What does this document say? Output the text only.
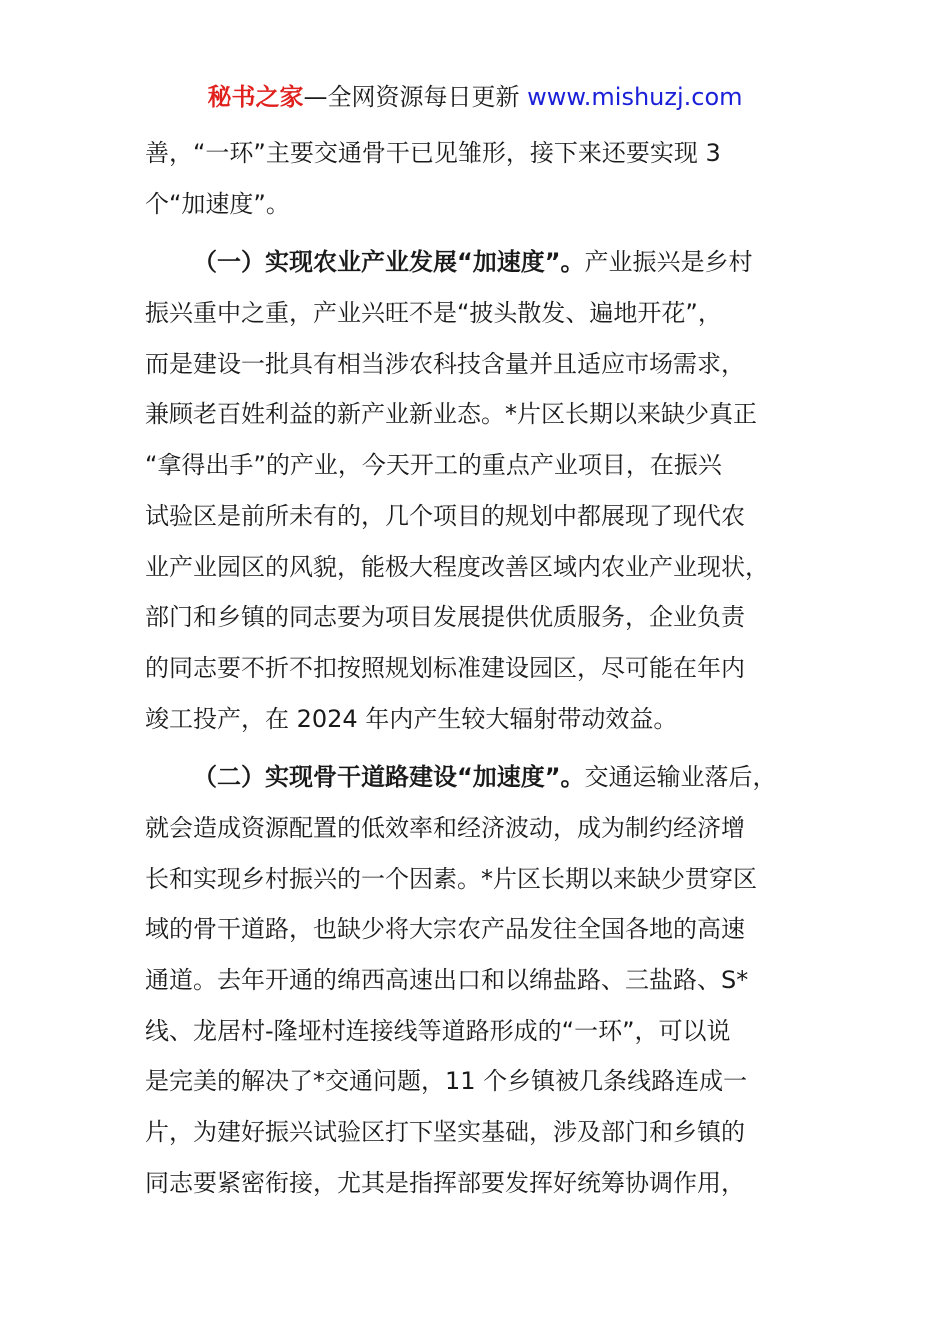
秘书之家—全网资源每日更新 www.mishuzj.com
善，“一环”主要交通骨干已见雏形，接下来还要实现 3
个“加速度”。
（一）实现农业产业发展“加速度”。产业振兴是乡村
振兴重中之重，产业兴旺不是“披头散发、遍地开花”，
而是建设一批具有相当涉农科技含量并且适应市场需求，
兼顾老百姓利益的新产业新业态。*片区长期以来缺少真正
“拿得出手”的产业，今天开工的重点产业项目，在振兴
试验区是前所未有的，几个项目的规划中都展现了现代农
业产业园区的风貌，能极大程度改善区域内农业产业现状，
部门和乡镇的同志要为项目发展提供优质服务，企业负责
的同志要不折不扣按照规划标准建设园区，尽可能在年内
竣工投产，在 2024 年内产生较大辐射带动效益。
（二）实现骨干道路建设“加速度”。交通运输业落后，
就会造成资源配置的低效率和经济波动，成为制约经济增
长和实现乡村振兴的一个因素。*片区长期以来缺少贯穿区
域的骨干道路，也缺少将大宗农产品发往全国各地的高速
通道。去年开通的绵西高速出口和以绵盐路、三盐路、S*
线、龙居村-隆垭村连接线等道路形成的“一环”，可以说
是完美的解决了*交通问题，11 个乡镇被几条线路连成一
片，为建好振兴试验区打下坚实基础，涉及部门和乡镇的
同志要紧密衔接，尤其是指挥部要发挥好统筹协调作用，
